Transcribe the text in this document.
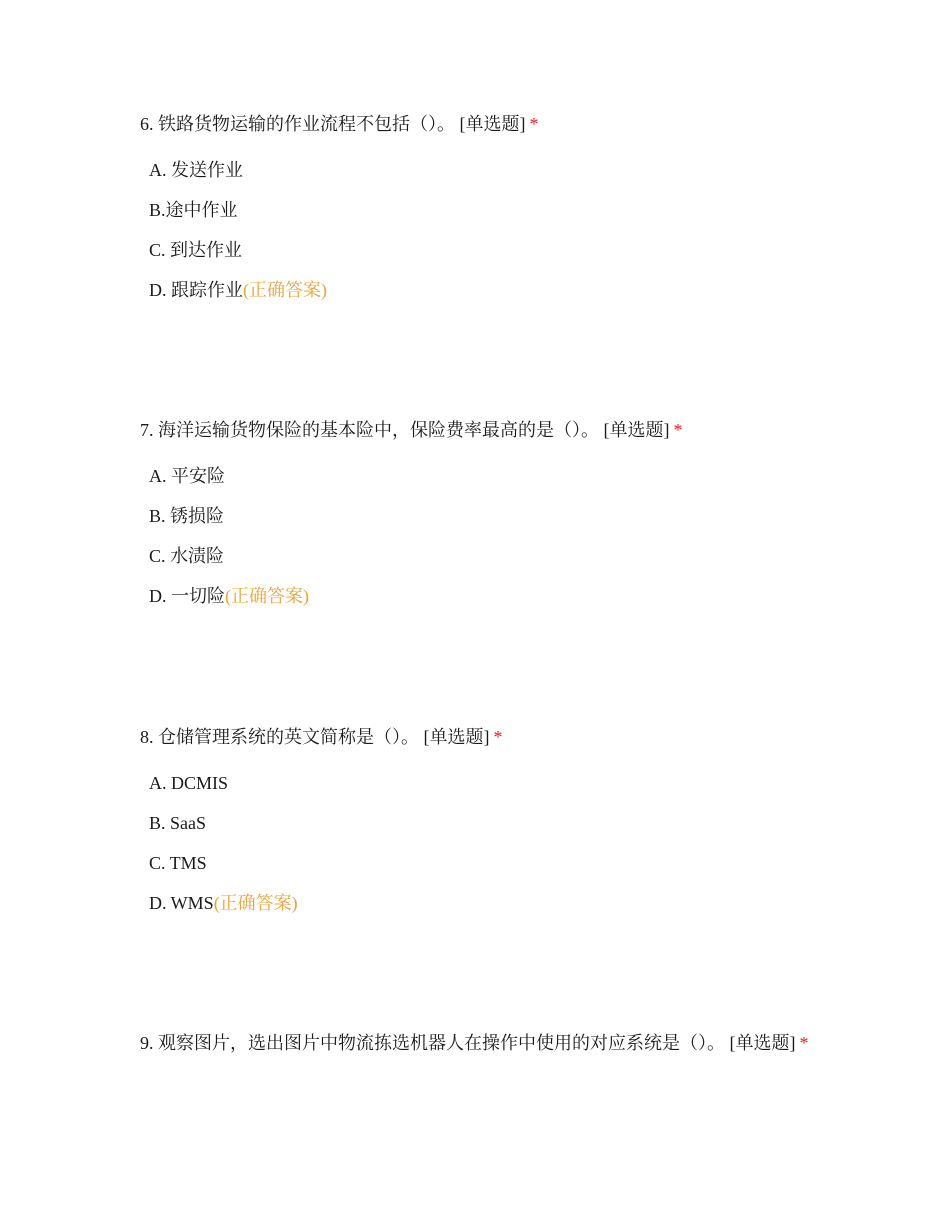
6. 铁路货物运输的作业流程不包括（）。 [单选题] *

A. 发送作业
B.途中作业
C. 到达作业
D. 跟踪作业(正确答案)

7. 海洋运输货物保险的基本险中，保险费率最高的是（）。 [单选题] *

A. 平安险
B. 锈损险
C. 水渍险
D. 一切险(正确答案)

8. 仓储管理系统的英文简称是（）。 [单选题] *

A. DCMIS
B. SaaS
C. TMS
D. WMS(正确答案)

9. 观察图片，选出图片中物流拣选机器人在操作中使用的对应系统是（）。 [单选题] *
